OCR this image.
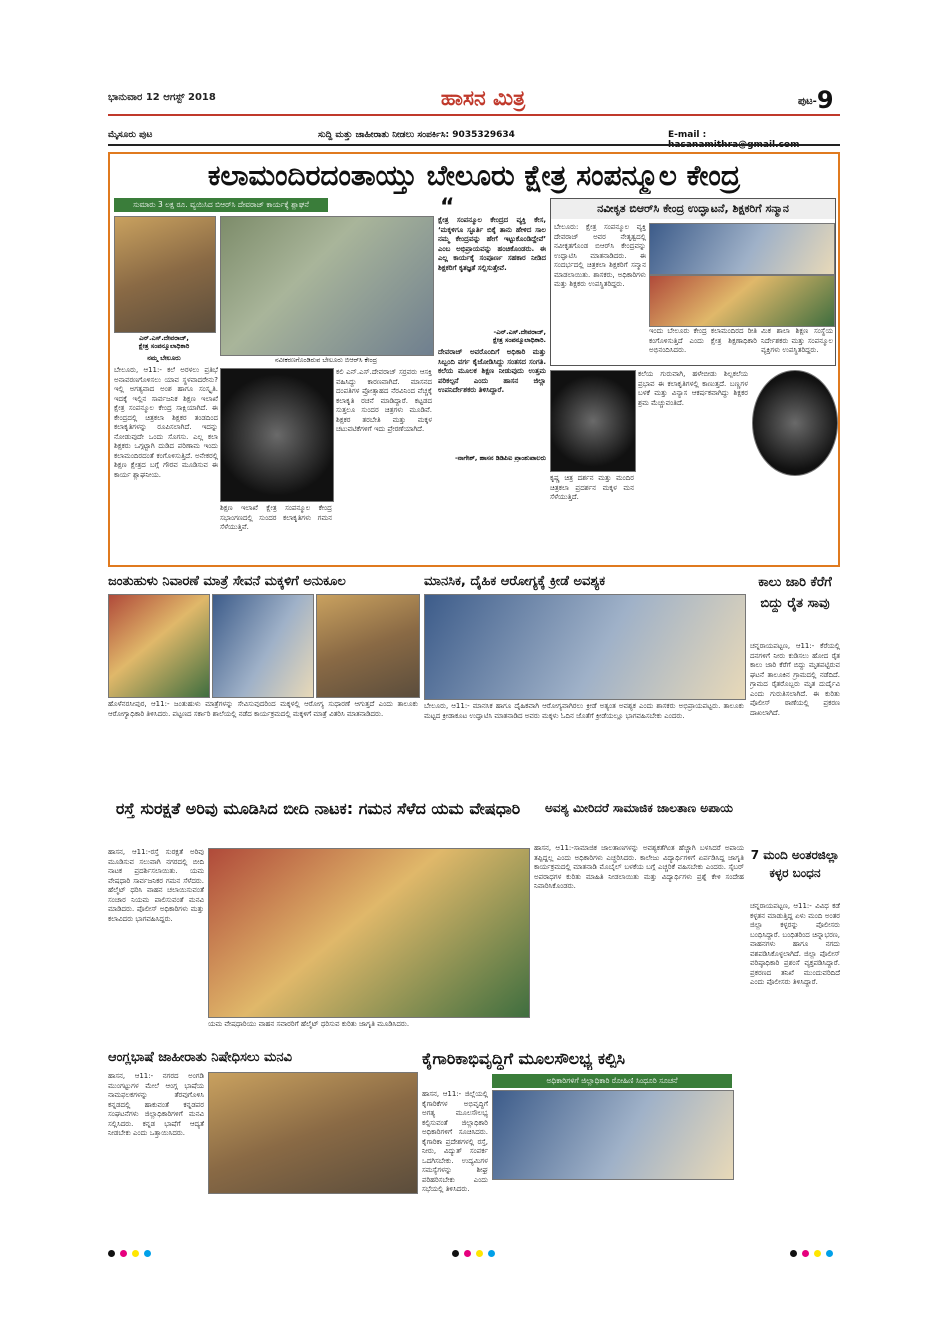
ಭಾನುವಾರ 12 ಆಗಸ್ಟ್ 2018	ಹಾಸನ ಮಿತ್ರ	$^{ಪುಟ-}$9
ಮೈಸೂರು ಪುಟ	ಸುದ್ದಿ ಮತ್ತು ಜಾಹೀರಾತು ನೀಡಲು ಸಂಪರ್ಕಿಸಿ: 9035329634	E-mail :
ಕಲಾಮಂದಿರದಂತಾಯ್ತು ಬೇಲೂರು ಕ್ಷೇತ್ರ ಸಂಪನ್ಮೂಲ ಕೇಂದ್ರ
ಸುಮಾರು 3 ಲಕ್ಷ ರೂ. ವ್ಯಯಿಸಿದ ಬಿಆರ್‌ಸಿ ದೇವರಾಜ್ ಕಾರ್ಯಕ್ಕೆ ಶ್ಲಾಘನೆ
ಎನ್.ಎಸ್.ದೇವರಾಜ್,
ಕ್ಷೇತ್ರ ಸಂಪನ್ಮೂಲಾಧಿಕಾರಿ
ನಮ್ಮ ಬೇಲೂರು
ಬೇಲೂರು, ಆ11:- ಕಲೆ ಅರಳಲು ಪ್ರತಿಭೆ ಅನಾವರಣಗೊಳಿಸಲು ಯಾವ ಸ್ಥಳವಾದರೇನು? ಇಲ್ಲಿ ಅಗತ್ಯವಾದ ಅಂಶ ಹಾಗೂ ಸಂಸ್ಕೃತಿ. ಇದಕ್ಕೆ ಇಲ್ಲಿನ ಸಾರ್ವಜನಿಕ ಶಿಕ್ಷಣ ಇಲಾಖೆ ಕ್ಷೇತ್ರ ಸಂಪನ್ಮೂಲ ಕೇಂದ್ರ ಸಾಕ್ಷಿಯಾಗಿದೆ. ಈ ಕೇಂದ್ರದಲ್ಲಿ ಚಿತ್ರಕಲಾ ಶಿಕ್ಷಕರ ತಂಡದಿಂದ ಕಲಾಕೃತಿಗಳನ್ನು ರೂಪಿಸಲಾಗಿದೆ. ಇದನ್ನು ನೋಡುವುದೇ ಒಂದು ಸೊಗಸು. ಎಲ್ಲ ಕಲಾ ಶಿಕ್ಷಕರು ಒಗ್ಗಟ್ಟಾಗಿ ದುಡಿದ ಪರಿಣಾಮ ಇಂದು ಕಲಾಮಂದಿರದಂತೆ ಕಂಗೊಳಿಸುತ್ತಿದೆ. ಅನೇಕರಲ್ಲಿ ಶಿಕ್ಷಣ ಕ್ಷೇತ್ರದ ಬಗ್ಗೆ ಗೌರವ ಮೂಡಿಸುವ ಈ ಕಾರ್ಯ ಶ್ಲಾಘನೀಯ.
ನವೀಕರಣಗೊಂಡಿರುವ ಬೇಲೂರು ಬಿಆರ್‌ಸಿ ಕೇಂದ್ರ
ಶಿಕ್ಷಣ ಇಲಾಖೆ ಕ್ಷೇತ್ರ ಸಂಪನ್ಮೂಲ ಕೇಂದ್ರ ಸಭಾಂಗಣದಲ್ಲಿ ಸುಂದರ ಕಲಾಕೃತಿಗಳು ಗಮನ ಸೆಳೆಯುತ್ತಿವೆ.
ಕಲಿ ಎನ್.ಎಸ್.ದೇವರಾಜ್ ಸರ್‍ರವರು ಆಸಕ್ತಿ ವಹಿಸಿದ್ದು ಕಾರಣವಾಗಿದೆ. ಮಾಸನದ ದಂಪತಿಗಳ ಪ್ರೋತ್ಸಾಹದ ನೆರವಿನಿಂದ ವೆಚ್ಚಕ್ಕೆ ಕಲಾಕೃತಿ ರಚನೆ ಮಾಡಿದ್ದಾರೆ. ಕಟ್ಟಡದ ಸುತ್ತಲೂ ಸುಂದರ ಚಿತ್ರಗಳು ಮೂಡಿವೆ. ಶಿಕ್ಷಕರ ತರಬೇತಿ ಮತ್ತು ಮಕ್ಕಳ ಚಟುವಟಿಕೆಗಳಿಗೆ ಇದು ಪ್ರೇರಣೆಯಾಗಿದೆ.
“
ಕ್ಷೇತ್ರ ಸಂಪನ್ಮೂಲ ಕೇಂದ್ರದ ವ್ಯಕ್ತಿ ಕೇಸ, ‘ಮಕ್ಕಳಿಗೂ ಸ್ಫೂರ್ತಿ ಬಿಕ್ಕೆ ತಾನು ಹೇಳಿದ ಸಾಲ ನಮ್ಮ ಕೇಂದ್ರವನ್ನು ಹೇಗೆ ಇಟ್ಟುಕೊಂಡಿದ್ದೇವೆ’ ಎಂಬ ಅಭಿಪ್ರಾಯವನ್ನು ಹಂಚಿಕೊಂಡರು. ಈ ಎಲ್ಲ ಕಾರ್ಯಕ್ಕೆ ಸಂಪೂರ್ಣ ಸಹಕಾರ ನೀಡಿದ ಶಿಕ್ಷಕರಿಗೆ ಕೃತಜ್ಞತೆ ಸಲ್ಲಿಸುತ್ತೇವೆ.
-ಎನ್.ಎಸ್.ದೇವರಾಜ್,
ಕ್ಷೇತ್ರ ಸಂಪನ್ಮೂಲಾಧಿಕಾರಿ.
ದೇವರಾಜ್ ಅವರೊಂದಿಗೆ ಅಧಿಕಾರಿ ಮತ್ತು ಸಿಬ್ಬಂದಿ ವರ್ಗ ಕೈಜೋಡಿಸಿದ್ದು ಸಂತಸದ ಸಂಗತಿ. ಕಲೆಯ ಮೂಲಕ ಶಿಕ್ಷಣ ನೀಡುವುದು ಉತ್ತಮ ಪರಿಕಲ್ಪನೆ ಎಂದು ಹಾಸನ ಜಿಲ್ಲಾ ಉಪನಿರ್ದೇಶಕರು ತಿಳಿಸಿದ್ದಾರೆ.
-ನಾಗೇಶ್, ಹಾಸನ ಡಿಡಿಪಿಐ ಪ್ರಾಂಶುಪಾಲರು
ನವೀಕೃತ ಬಿಆರ್‌ಸಿ ಕೇಂದ್ರ ಉದ್ಘಾಟನೆ, ಶಿಕ್ಷಕರಿಗೆ ಸನ್ಮಾನ
ಬೇಲೂರು: ಕ್ಷೇತ್ರ ಸಂಪನ್ಮೂಲ ವ್ಯಕ್ತಿ ದೇವರಾಜ್ ಅವರ ನೇತೃತ್ವದಲ್ಲಿ ನವೀಕೃತಗೊಂಡ ಬಿಆರ್‌ಸಿ ಕೇಂದ್ರವನ್ನು ಉದ್ಘಾಟಿಸಿ ಮಾತನಾಡಿದರು. ಈ ಸಂದರ್ಭದಲ್ಲಿ ಚಿತ್ರಕಲಾ ಶಿಕ್ಷಕರಿಗೆ ಸನ್ಮಾನ ಮಾಡಲಾಯಿತು. ಶಾಸಕರು, ಅಧಿಕಾರಿಗಳು ಮತ್ತು ಶಿಕ್ಷಕರು ಉಪಸ್ಥಿತರಿದ್ದರು.
ಇಂದು ಬೇಲೂರು ಕೇಂದ್ರ ಕಲಾಮಂದಿರದ ರೀತಿ ಕಂಗೊಳಿಸುತ್ತಿದೆ ಎಂದು ಕ್ಷೇತ್ರ ಶಿಕ್ಷಣಾಧಿಕಾರಿ ಅಭಿನಂದಿಸಿದರು.
ಮಿಕ ಶಾಲಾ ಶಿಕ್ಷಣ ಸಂಸ್ಥೆಯ ನಿರ್ದೇಶಕರು ಮತ್ತು ಸಂಪನ್ಮೂಲ ವ್ಯಕ್ತಿಗಳು ಉಪಸ್ಥಿತರಿದ್ದರು.
ಕೃಷ್ಣ ಚಿತ್ರ ದರ್ಶನ ಮತ್ತು ಮಂದಿರ ಚಿತ್ರಕಲಾ ಪ್ರದರ್ಶನ ಮಕ್ಕಳ ಮನ ಸೆಳೆಯುತ್ತಿದೆ.
ಕಲೆಯ ಗುರುವಾಗಿ, ಹಳೇಬೀಡು ಶಿಲ್ಪಕಲೆಯ ಪ್ರಭಾವ ಈ ಕಲಾಕೃತಿಗಳಲ್ಲಿ ಕಾಣುತ್ತದೆ. ಬಣ್ಣಗಳ ಬಳಕೆ ಮತ್ತು ವಿನ್ಯಾಸ ಆಕರ್ಷಕವಾಗಿದ್ದು ಶಿಕ್ಷಕರ ಶ್ರಮ ಮೆಚ್ಚುವಂತಿದೆ.
ಜಂತುಹುಳು ನಿವಾರಣೆ ಮಾತ್ರೆ ಸೇವನೆ ಮಕ್ಕಳಿಗೆ ಅನುಕೂಲ
ಹೊಳೆನರಸೀಪುರ, ಆ11:- ಜಂತುಹುಳು ಮಾತ್ರೆಗಳನ್ನು ಸೇವಿಸುವುದರಿಂದ ಮಕ್ಕಳಲ್ಲಿ ಆರೋಗ್ಯ ಸುಧಾರಣೆ ಆಗುತ್ತದೆ ಎಂದು ತಾಲೂಕು ಆರೋಗ್ಯಾಧಿಕಾರಿ ತಿಳಿಸಿದರು. ಪಟ್ಟಣದ ಸರ್ಕಾರಿ ಶಾಲೆಯಲ್ಲಿ ನಡೆದ ಕಾರ್ಯಕ್ರಮದಲ್ಲಿ ಮಕ್ಕಳಿಗೆ ಮಾತ್ರೆ ವಿತರಿಸಿ ಮಾತನಾಡಿದರು.
ಮಾನಸಿಕ, ದೈಹಿಕ ಆರೋಗ್ಯಕ್ಕೆ ಕ್ರೀಡೆ ಅವಶ್ಯಕ
ಬೇಲೂರು, ಆ11:- ಮಾನಸಿಕ ಹಾಗೂ ದೈಹಿಕವಾಗಿ ಆರೋಗ್ಯವಾಗಿರಲು ಕ್ರೀಡೆ ಅತ್ಯಂತ ಅವಶ್ಯಕ ಎಂದು ಶಾಸಕರು ಅಭಿಪ್ರಾಯಪಟ್ಟರು. ತಾಲೂಕು ಮಟ್ಟದ ಕ್ರೀಡಾಕೂಟ ಉದ್ಘಾಟಿಸಿ ಮಾತನಾಡಿದ ಅವರು ಮಕ್ಕಳು ಓದಿನ ಜೊತೆಗೆ ಕ್ರೀಡೆಯಲ್ಲೂ ಭಾಗವಹಿಸಬೇಕು ಎಂದರು.
ಕಾಲು ಜಾರಿ ಕೆರೆಗೆ ಬಿದ್ದು ರೈತ ಸಾವು
ಚನ್ನರಾಯಪಟ್ಟಣ, ಆ11:- ಕೆರೆಯಲ್ಲಿ ದನಗಳಿಗೆ ನೀರು ಕುಡಿಸಲು ಹೋದ ರೈತ ಕಾಲು ಜಾರಿ ಕೆರೆಗೆ ಬಿದ್ದು ಮೃತಪಟ್ಟಿರುವ ಘಟನೆ ತಾಲೂಕಿನ ಗ್ರಾಮದಲ್ಲಿ ನಡೆದಿದೆ. ಗ್ರಾಮದ ರೈತರೊಬ್ಬರು ಮೃತ ದುರ್ದೈವಿ ಎಂದು ಗುರುತಿಸಲಾಗಿದೆ. ಈ ಕುರಿತು ಪೊಲೀಸ್ ಠಾಣೆಯಲ್ಲಿ ಪ್ರಕರಣ ದಾಖಲಾಗಿದೆ.
ರಸ್ತೆ ಸುರಕ್ಷತೆ ಅರಿವು ಮೂಡಿಸಿದ ಬೀದಿ ನಾಟಕ: ಗಮನ ಸೆಳೆದ ಯಮ ವೇಷಧಾರಿ
ಹಾಸನ, ಆ11:-ರಸ್ತೆ ಸುರಕ್ಷತೆ ಅರಿವು ಮೂಡಿಸುವ ಸಲುವಾಗಿ ನಗರದಲ್ಲಿ ಬೀದಿ ನಾಟಕ ಪ್ರದರ್ಶಿಸಲಾಯಿತು. ಯಮ ವೇಷಧಾರಿ ಸಾರ್ವಜನಿಕರ ಗಮನ ಸೆಳೆದರು. ಹೆಲ್ಮೆಟ್ ಧರಿಸಿ ವಾಹನ ಚಲಾಯಿಸುವಂತೆ ಸಂಚಾರ ನಿಯಮ ಪಾಲಿಸುವಂತೆ ಮನವಿ ಮಾಡಿದರು. ಪೊಲೀಸ್ ಅಧಿಕಾರಿಗಳು ಮತ್ತು ಕಲಾವಿದರು ಭಾಗವಹಿಸಿದ್ದರು.
ಯಮ ವೇಷಧಾರಿಯು ವಾಹನ ಸವಾರರಿಗೆ ಹೆಲ್ಮೆಟ್ ಧರಿಸುವ ಕುರಿತು ಜಾಗೃತಿ ಮೂಡಿಸಿದರು.
ಅವಶ್ಯ ಮೀರಿದರೆ ಸಾಮಾಜಿಕ ಜಾಲತಾಣ ಅಪಾಯ
ಹಾಸನ, ಆ11:-ಸಾಮಾಜಿಕ ಜಾಲತಾಣಗಳನ್ನು ಅವಶ್ಯಕತೆಗಿಂತ ಹೆಚ್ಚಾಗಿ ಬಳಸಿದರೆ ಅಪಾಯ ತಪ್ಪಿದ್ದಲ್ಲ ಎಂದು ಅಧಿಕಾರಿಗಳು ಎಚ್ಚರಿಸಿದರು. ಕಾಲೇಜು ವಿದ್ಯಾರ್ಥಿಗಳಿಗೆ ಏರ್ಪಡಿಸಿದ್ದ ಜಾಗೃತಿ ಕಾರ್ಯಕ್ರಮದಲ್ಲಿ ಮಾತನಾಡಿ ಮೊಬೈಲ್ ಬಳಕೆಯ ಬಗ್ಗೆ ಎಚ್ಚರಿಕೆ ವಹಿಸಬೇಕು ಎಂದರು. ಸೈಬರ್ ಅಪರಾಧಗಳ ಕುರಿತು ಮಾಹಿತಿ ನೀಡಲಾಯಿತು ಮತ್ತು ವಿದ್ಯಾರ್ಥಿಗಳು ಪ್ರಶ್ನೆ ಕೇಳಿ ಸಂದೇಹ ನಿವಾರಿಸಿಕೊಂಡರು.
7 ಮಂದಿ ಅಂತರಜಿಲ್ಲಾ ಕಳ್ಳರ ಬಂಧನ
ಚನ್ನರಾಯಪಟ್ಟಣ, ಆ11:- ವಿವಿಧ ಕಡೆ ಕಳ್ಳತನ ಮಾಡುತ್ತಿದ್ದ ಏಳು ಮಂದಿ ಅಂತರ ಜಿಲ್ಲಾ ಕಳ್ಳರನ್ನು ಪೊಲೀಸರು ಬಂಧಿಸಿದ್ದಾರೆ. ಬಂಧಿತರಿಂದ ಚಿನ್ನಾಭರಣ, ವಾಹನಗಳು ಹಾಗೂ ನಗದು ವಶಪಡಿಸಿಕೊಳ್ಳಲಾಗಿದೆ. ಜಿಲ್ಲಾ ಪೊಲೀಸ್ ವರಿಷ್ಠಾಧಿಕಾರಿ ಪ್ರಶಂಸೆ ವ್ಯಕ್ತಪಡಿಸಿದ್ದಾರೆ. ಪ್ರಕರಣದ ತನಿಖೆ ಮುಂದುವರಿದಿದೆ ಎಂದು ಪೊಲೀಸರು ತಿಳಿಸಿದ್ದಾರೆ.
ಆಂಗ್ಲಭಾಷೆ ಜಾಹೀರಾತು ನಿಷೇಧಿಸಲು ಮನವಿ
ಹಾಸನ, ಆ11:- ನಗರದ ಅಂಗಡಿ ಮುಂಗಟ್ಟುಗಳ ಮೇಲೆ ಆಂಗ್ಲ ಭಾಷೆಯ ನಾಮಫಲಕಗಳನ್ನು ತೆರವುಗೊಳಿಸಿ ಕನ್ನಡದಲ್ಲಿ ಹಾಕುವಂತೆ ಕನ್ನಡಪರ ಸಂಘಟನೆಗಳು ಜಿಲ್ಲಾಧಿಕಾರಿಗಳಿಗೆ ಮನವಿ ಸಲ್ಲಿಸಿದರು. ಕನ್ನಡ ಭಾಷೆಗೆ ಆದ್ಯತೆ ನೀಡಬೇಕು ಎಂದು ಒತ್ತಾಯಿಸಿದರು.
ಕೈಗಾರಿಕಾಭಿವೃದ್ಧಿಗೆ ಮೂಲಸೌಲಭ್ಯ ಕಲ್ಪಿಸಿ
ಅಧಿಕಾರಿಗಳಿಗೆ ಜಿಲ್ಲಾಧಿಕಾರಿ ರೋಹಿಣಿ ಸಿಂಧೂರಿ ಸೂಚನೆ
ಹಾಸನ, ಆ11:- ಜಿಲ್ಲೆಯಲ್ಲಿ ಕೈಗಾರಿಕೆಗಳ ಅಭಿವೃದ್ಧಿಗೆ ಅಗತ್ಯ ಮೂಲಸೌಲಭ್ಯ ಕಲ್ಪಿಸುವಂತೆ ಜಿಲ್ಲಾಧಿಕಾರಿ ಅಧಿಕಾರಿಗಳಿಗೆ ಸೂಚಿಸಿದರು. ಕೈಗಾರಿಕಾ ಪ್ರದೇಶಗಳಲ್ಲಿ ರಸ್ತೆ, ನೀರು, ವಿದ್ಯುತ್ ಸಂಪರ್ಕ ಒದಗಿಸಬೇಕು. ಉದ್ಯಮಿಗಳ ಸಮಸ್ಯೆಗಳನ್ನು ಶೀಘ್ರ ಪರಿಹರಿಸಬೇಕು ಎಂದು ಸಭೆಯಲ್ಲಿ ತಿಳಿಸಿದರು.
